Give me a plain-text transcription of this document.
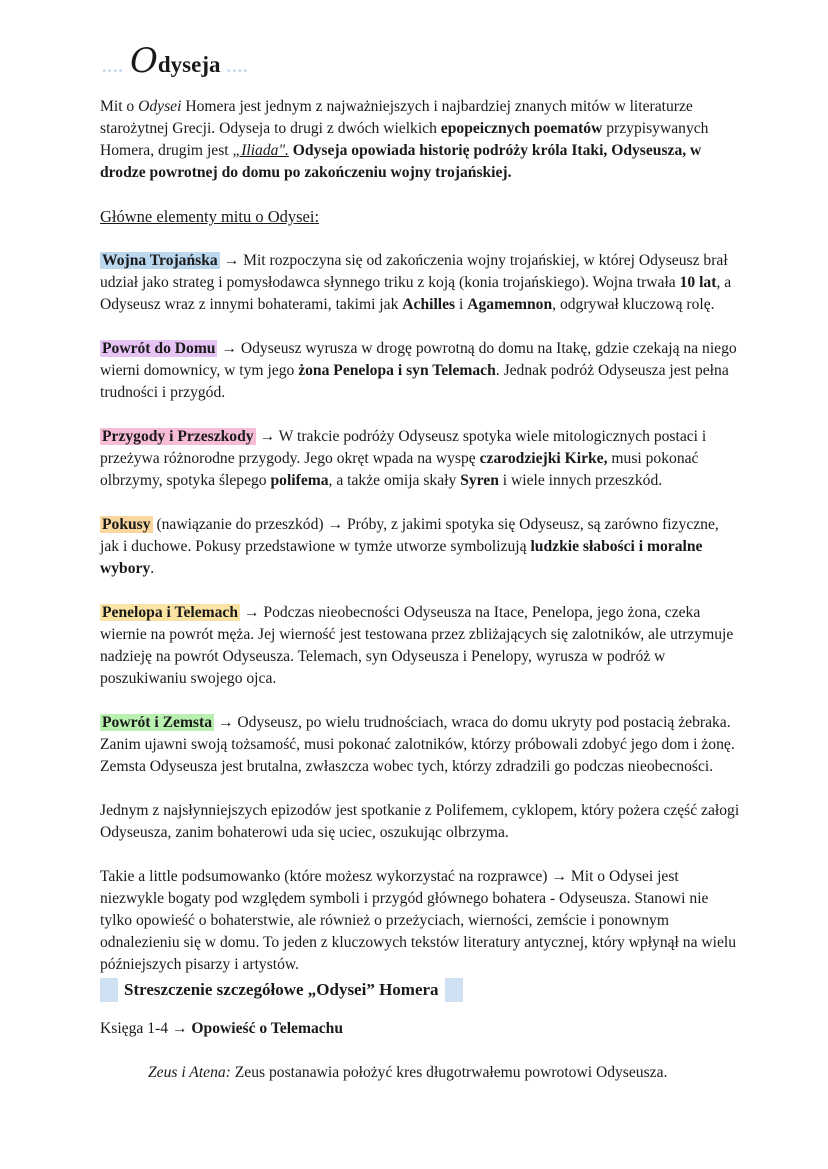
.... O dyseja ....

Mit o Odysei Homera jest jednym z najważniejszych i najbardziej znanych mitów w literaturze starożytnej Grecji. Odyseja to drugi z dwóch wielkich epopeicznych poematów przypisywanych Homera, drugim jest „Iliada". Odyseja opowiada historię podróży króla Itaki, Odyseusza, w drodze powrotnej do domu po zakończeniu wojny trojańskiej.

Główne elementy mitu o Odysei:

Wojna Trojańska → Mit rozpoczyna się od zakończenia wojny trojańskiej, w której Odyseusz brał udział jako strateg i pomysłodawca słynnego triku z koją (konia trojańskiego). Wojna trwała 10 lat, a Odyseusz wraz z innymi bohaterami, takimi jak Achilles i Agamemnon, odgrywał kluczową rolę.

Powrót do Domu → Odyseusz wyrusza w drogę powrotną do domu na Itakę, gdzie czekają na niego wierni domownicy, w tym jego żona Penelopa i syn Telemach. Jednak podróż Odyseusza jest pełna trudności i przygód.

Przygody i Przeszkody → W trakcie podróży Odyseusz spotyka wiele mitologicznych postaci i przeżywa różnorodne przygody. Jego okręt wpada na wyspę czarodziejki Kirke, musi pokonać olbrzymy, spotyka ślepego polifema, a także omija skały Syren i wiele innych przeszkód.

Pokusy (nawiązanie do przeszkód) → Próby, z jakimi spotyka się Odyseusz, są zarówno fizyczne, jak i duchowe. Pokusy przedstawione w tymże utworze symbolizują ludzkie słabości i moralne wybory.

Penelopa i Telemach → Podczas nieobecności Odyseusza na Itace, Penelopa, jego żona, czeka wiernie na powrót męża. Jej wierność jest testowana przez zbliżających się zalotników, ale utrzymuje nadzieję na powrót Odyseusza. Telemach, syn Odyseusza i Penelopy, wyrusza w podróż w poszukiwaniu swojego ojca.

Powrót i Zemsta → Odyseusz, po wielu trudnościach, wraca do domu ukryty pod postacią żebraka. Zanim ujawni swoją tożsamość, musi pokonać zalotników, którzy próbowali zdobyć jego dom i żonę. Zemsta Odyseusza jest brutalna, zwłaszcza wobec tych, którzy zdradzili go podczas nieobecności.

Jednym z najsłynniejszych epizodów jest spotkanie z Polifemem, cyklopem, który pożera część załogi Odyseusza, zanim bohaterowi uda się uciec, oszukując olbrzyma.

Takie a little podsumowanko (które możesz wykorzystać na rozprawce) → Mit o Odysei jest niezwykle bogaty pod względem symboli i przygód głównego bohatera - Odyseusza. Stanowi nie tylko opowieść o bohaterstwie, ale również o przeżyciach, wierności, zemście i ponownym odnalezieniu się w domu. To jeden z kluczowych tekstów literatury antycznej, który wpłynął na wielu późniejszych pisarzy i artystów.

Streszczenie szczegółowe „Odysei” Homera

Księga 1-4 → Opowieść o Telemachu

Zeus i Atena: Zeus postanawia położyć kres długotrwałemu powrotowi Odyseusza.
